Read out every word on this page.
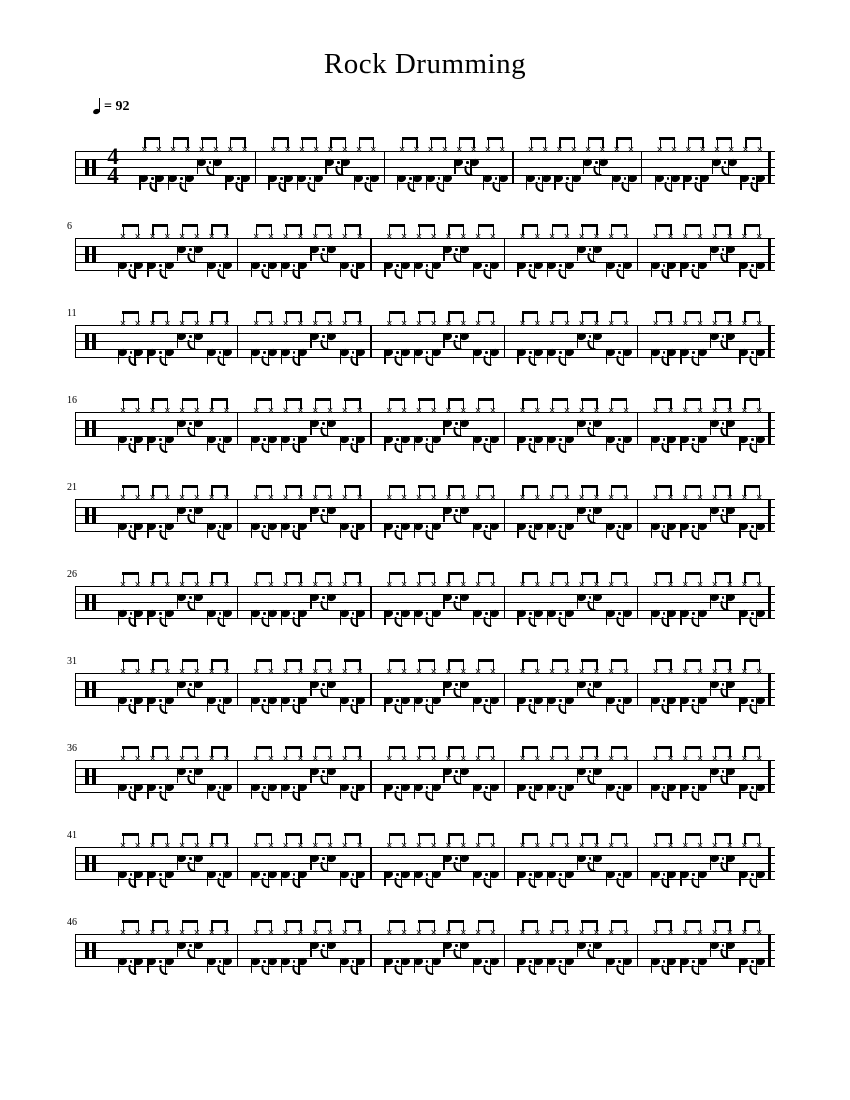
Rock Drumming
= 92
4
4
× × × × × × × × × × × × × × × × × × × × × × × × × × × × × × × × × × × × × × × ×
6
× × × × × × × × × × × × × × × × × × × × × × × × × × × × × × × × × × × × × × × ×
11
× × × × × × × × × × × × × × × × × × × × × × × × × × × × × × × × × × × × × × × ×
16
× × × × × × × × × × × × × × × × × × × × × × × × × × × × × × × × × × × × × × × ×
21
× × × × × × × × × × × × × × × × × × × × × × × × × × × × × × × × × × × × × × × ×
26
× × × × × × × × × × × × × × × × × × × × × × × × × × × × × × × × × × × × × × × ×
31
× × × × × × × × × × × × × × × × × × × × × × × × × × × × × × × × × × × × × × × ×
36
× × × × × × × × × × × × × × × × × × × × × × × × × × × × × × × × × × × × × × × ×
41
× × × × × × × × × × × × × × × × × × × × × × × × × × × × × × × × × × × × × × × ×
46
× × × × × × × × × × × × × × × × × × × × × × × × × × × × × × × × × × × × × × × ×
